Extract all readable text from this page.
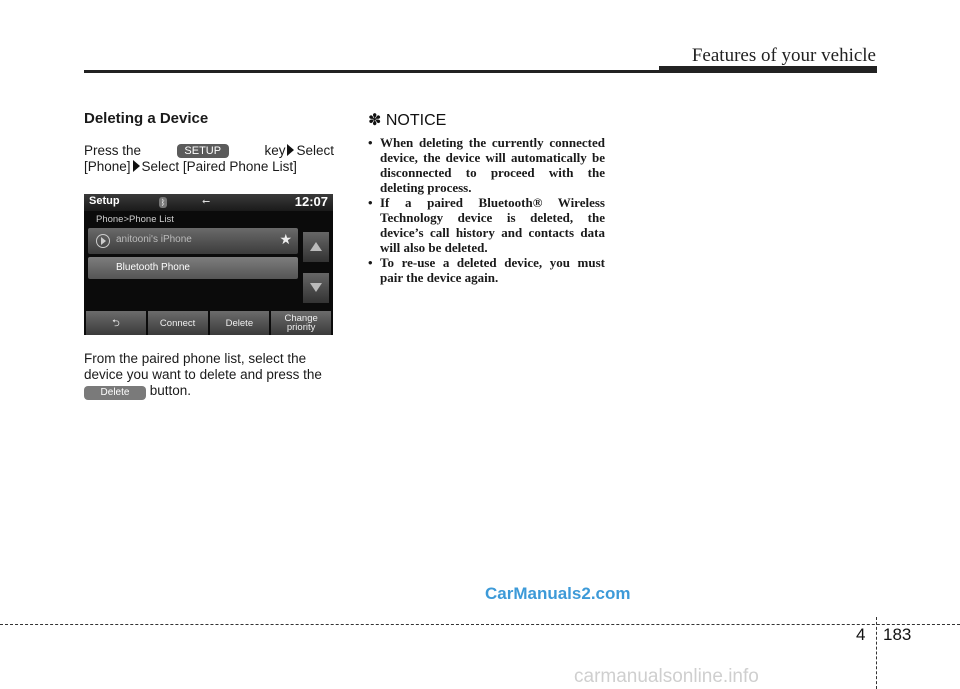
Features of your vehicle
Deleting a Device
Press the	SETUP	key Select
[Phone] Select [Paired Phone List]
Setup	ᛒ	⭠	12:07
Phone>Phone List
anitooni's iPhone	★
Bluetooth Phone
⮌	Connect	Delete	Change
priority
From the paired phone list, select the
device you want to delete and press the
Delete button.
✽ NOTICE
• When deleting the currently connected device, the device will automatically be disconnected to proceed with the deleting process.
• If a paired Bluetooth® Wireless Technology device is deleted, the device’s call history and contacts data will also be deleted.
• To re-use a deleted device, you must pair the device again.
CarManuals2.com
4 183
carmanualsonline.info
